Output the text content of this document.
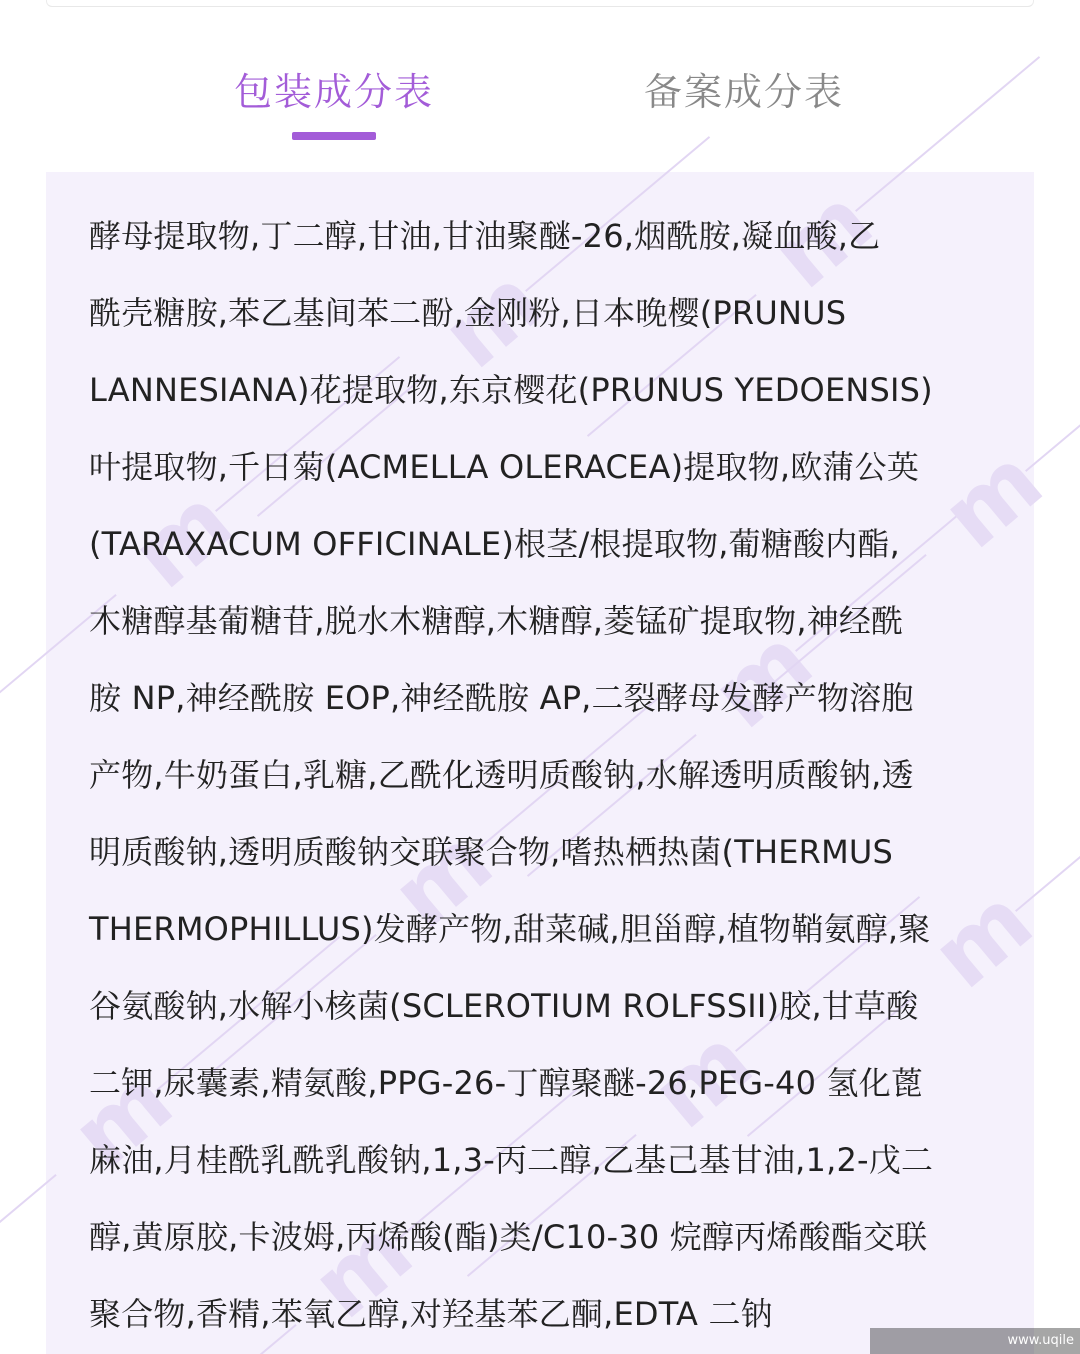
包装成分表	备案成分表
m
m
m
m
m
m
m
m
m
m
酵母提取物,丁二醇,甘油,甘油聚醚-26,烟酰胺,凝血酸,乙
酰壳糖胺,苯乙基间苯二酚,金刚粉,日本晚樱(PRUNUS
LANNESIANA)花提取物,东京樱花(PRUNUS YEDOENSIS)
叶提取物,千日菊(ACMELLA OLERACEA)提取物,欧蒲公英
(TARAXACUM OFFICINALE)根茎/根提取物,葡糖酸内酯,
木糖醇基葡糖苷,脱水木糖醇,木糖醇,菱锰矿提取物,神经酰
胺 NP,神经酰胺 EOP,神经酰胺 AP,二裂酵母发酵产物溶胞
产物,牛奶蛋白,乳糖,乙酰化透明质酸钠,水解透明质酸钠,透
明质酸钠,透明质酸钠交联聚合物,嗜热栖热菌(THERMUS
THERMOPHILLUS)发酵产物,甜菜碱,胆甾醇,植物鞘氨醇,聚
谷氨酸钠,水解小核菌(SCLEROTIUM ROLFSSII)胶,甘草酸
二钾,尿囊素,精氨酸,PPG-26-丁醇聚醚-26,PEG-40 氢化蓖
麻油,月桂酰乳酰乳酸钠,1,3-丙二醇,乙基己基甘油,1,2-戊二
醇,黄原胶,卡波姆,丙烯酸(酯)类/C10-30 烷醇丙烯酸酯交联
聚合物,香精,苯氧乙醇,对羟基苯乙酮,EDTA 二钠
www.uqile
